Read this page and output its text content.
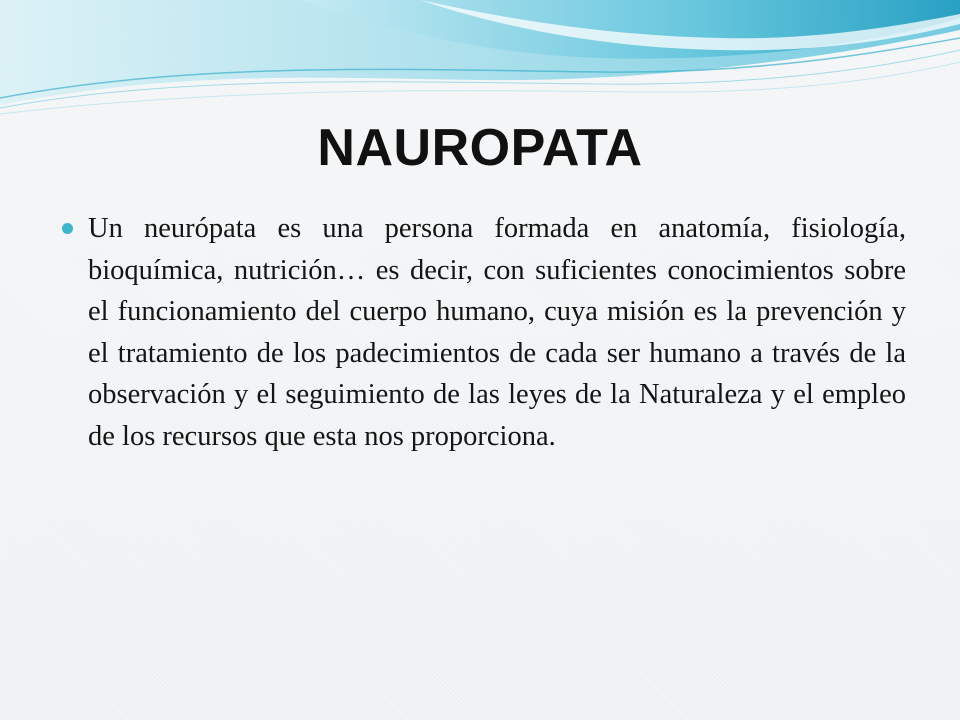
NAUROPATA

Un neurópata es una persona formada en anatomía, fisiología, bioquímica, nutrición… es decir, con suficientes conocimientos sobre el funcionamiento del cuerpo humano, cuya misión es la prevención y el tratamiento de los padecimientos de cada ser humano a través de la observación y el seguimiento de las leyes de la Naturaleza y el empleo de los recursos que esta nos proporciona.
